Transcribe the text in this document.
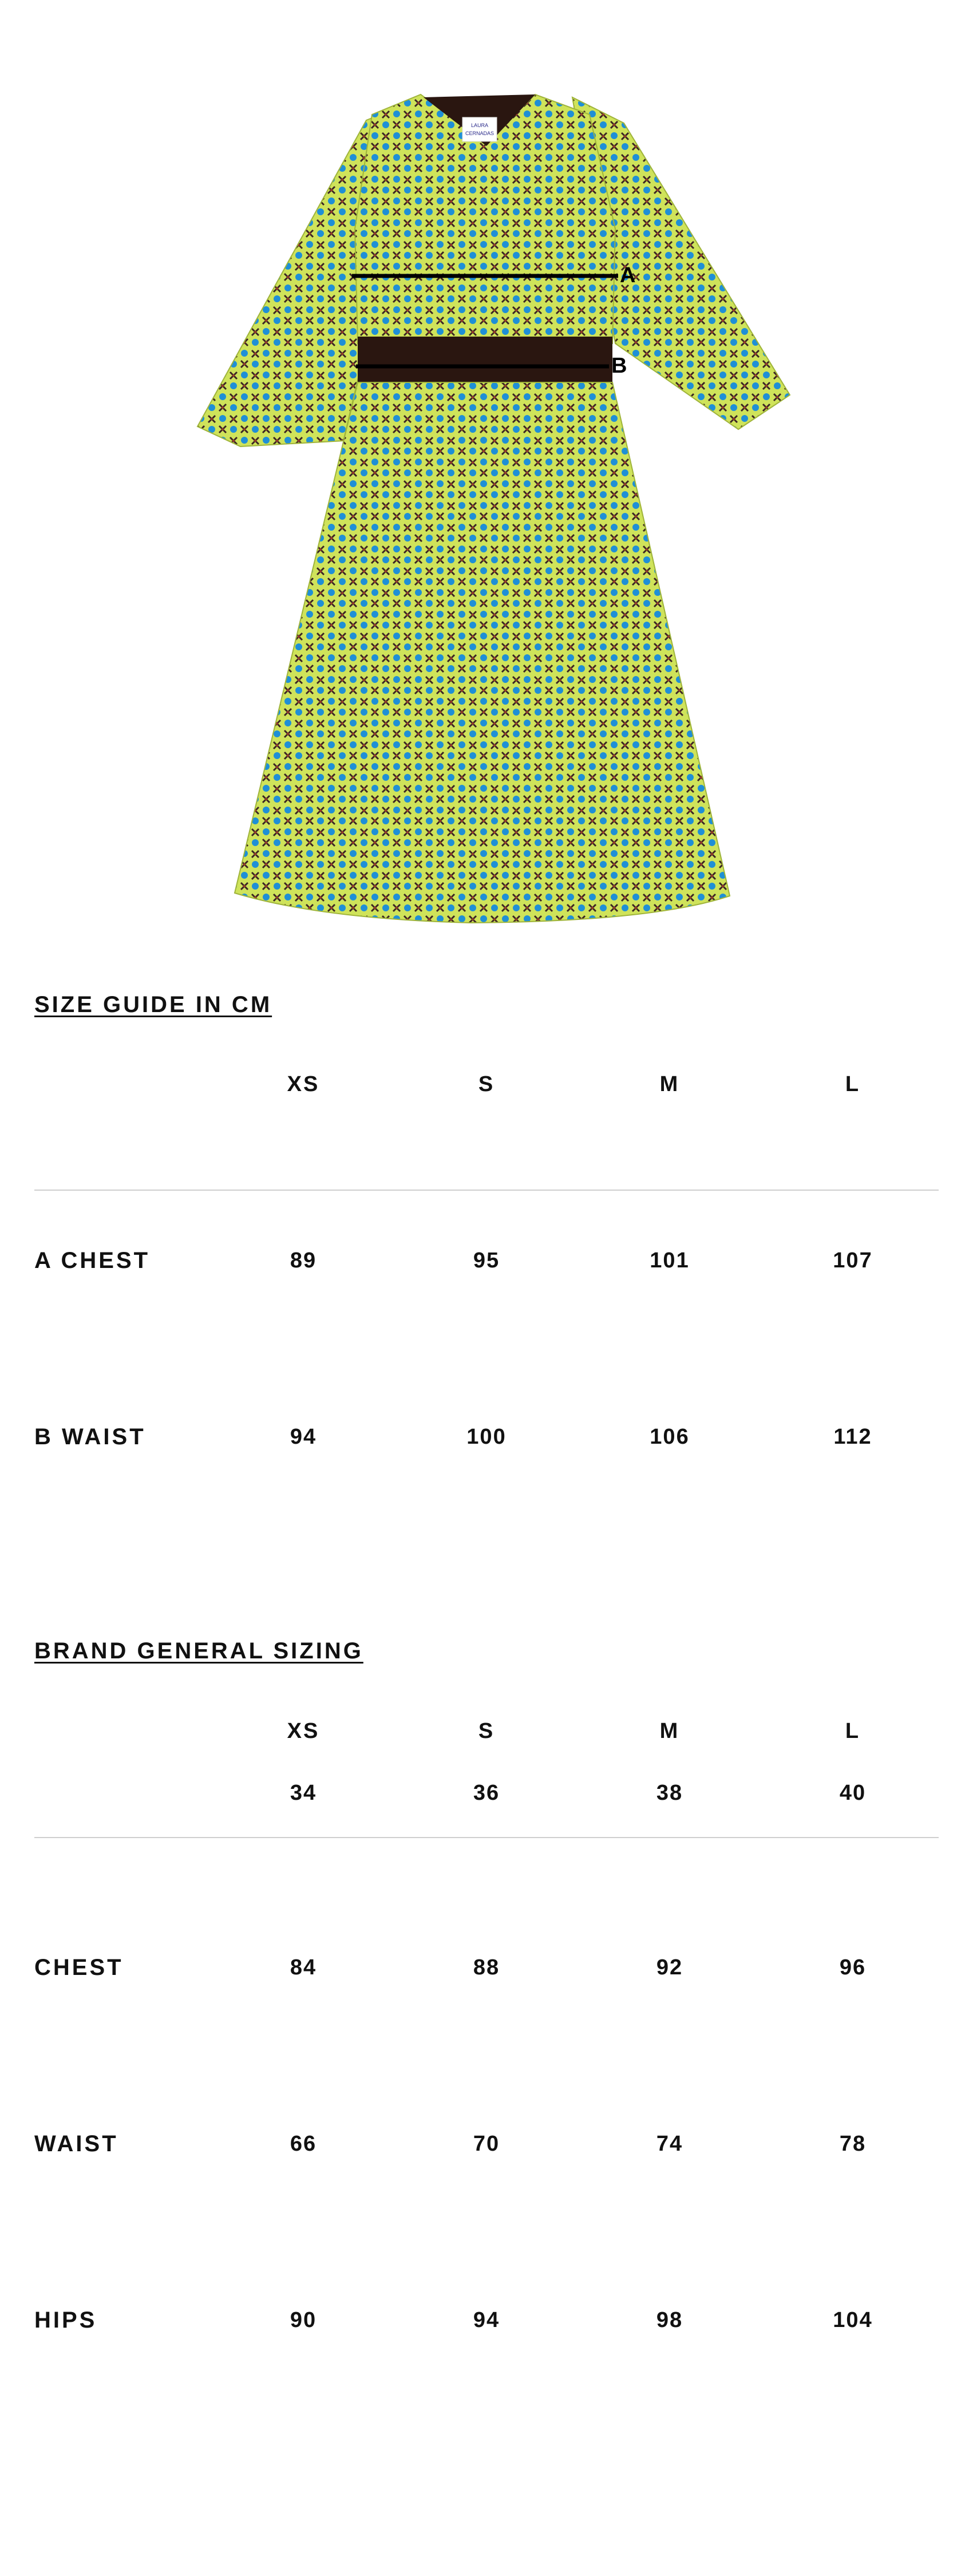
LAURA
CERNADAS
A
B
SIZE GUIDE IN CM
XS	S	M	L
A CHEST	89	95	101	107
B WAIST	94	100	106	112
BRAND GENERAL SIZING
XS	S	M	L
34	36	38	40
CHEST	84	88	92	96
WAIST	66	70	74	78
HIPS	90	94	98	104
